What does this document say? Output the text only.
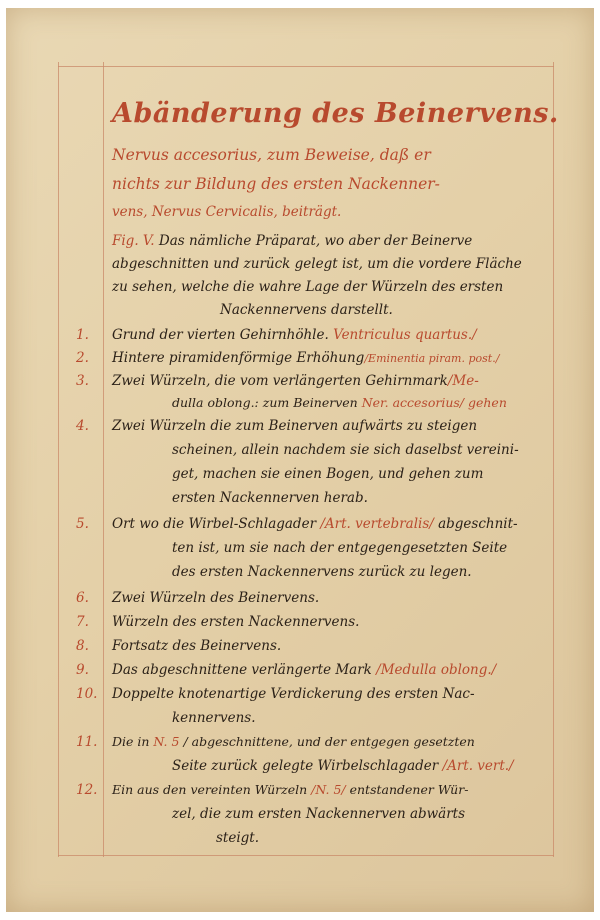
Abänderung des Beinervens.
Nervus accesorius, zum Beweise, daß er
nichts zur Bildung des ersten Nackenner-
vens, Nervus Cervicalis, beiträgt.
Fig. V. Das nämliche Präparat, wo aber der Beinerve
abgeschnitten und zurück gelegt ist, um die vordere Fläche
zu sehen, welche die wahre Lage der Würzeln des ersten
Nackennervens darstellt.
1.	Grund der vierten Gehirnhöhle. Ventriculus quartus./
2.	Hintere piramidenförmige Erhöhung/Eminentia piram. post./
3.	Zwei Würzeln, die vom verlängerten Gehirnmark/Me-
dulla oblong.: zum Beinerven Ner. accesorius/ gehen
4.	Zwei Würzeln die zum Beinerven aufwärts zu steigen
scheinen, allein nachdem sie sich daselbst vereini-
get, machen sie einen Bogen, und gehen zum
ersten Nackennerven herab.
5.	Ort wo die Wirbel-Schlagader /Art. vertebralis/ abgeschnit-
ten ist, um sie nach der entgegengesetzten Seite
des ersten Nackennervens zurück zu legen.
6.	Zwei Würzeln des Beinervens.
7.	Würzeln des ersten Nackennervens.
8.	Fortsatz des Beinervens.
9.	Das abgeschnittene verlängerte Mark /Medulla oblong./
10.	Doppelte knotenartige Verdickerung des ersten Nac-
kennervens.
11.	Die in N. 5 / abgeschnittene, und der entgegen gesetzten
Seite zurück gelegte Wirbelschlagader /Art. vert./
12.	Ein aus den vereinten Würzeln /N. 5/ entstandener Wür-
zel, die zum ersten Nackennerven abwärts
steigt.
